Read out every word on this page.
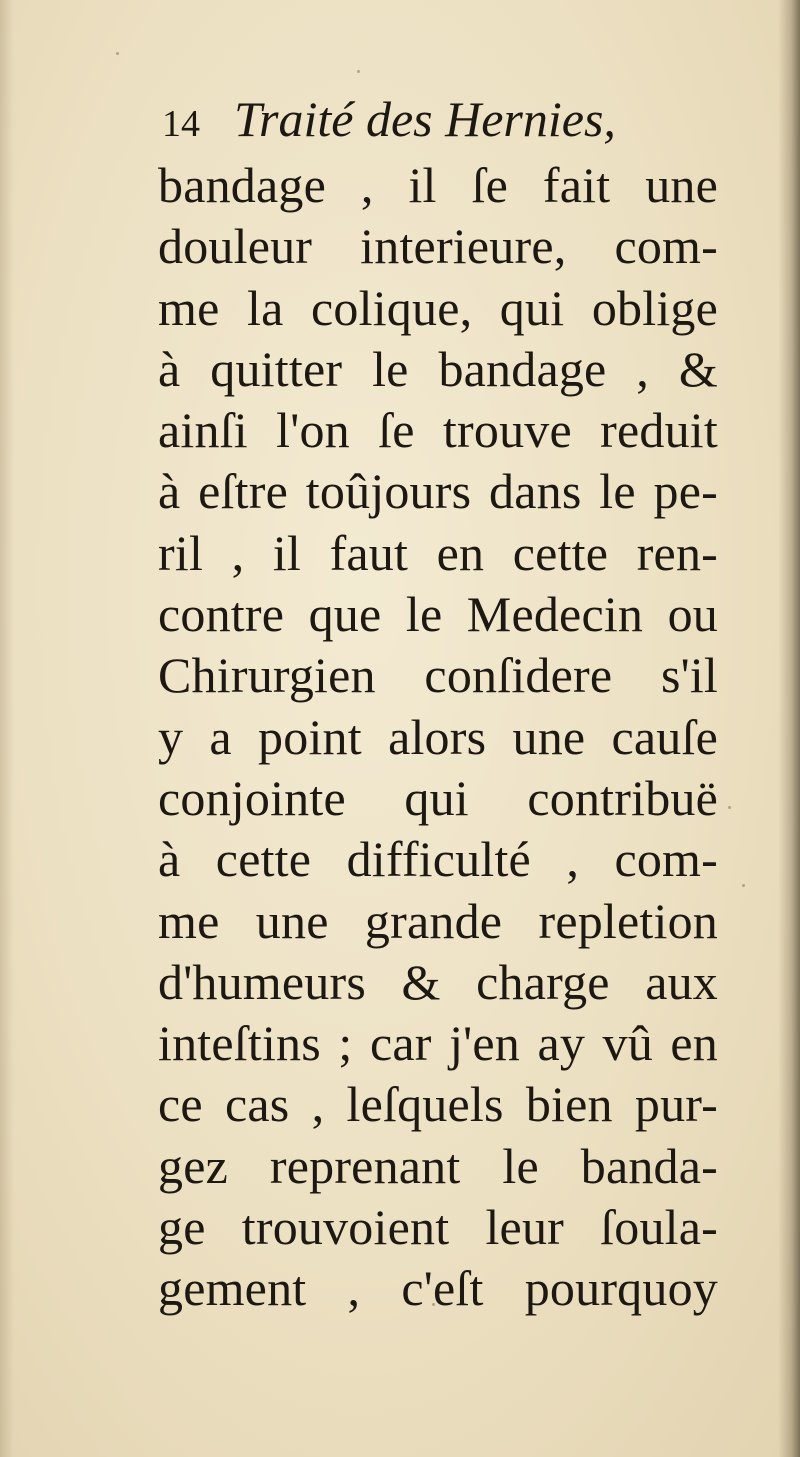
14 Traité des Hernies,
bandage , il ſe fait une
douleur interieure, com-
me la colique, qui oblige
à quitter le bandage , &
ainſi l'on ſe trouve reduit
à eſtre toûjours dans le pe-
ril , il faut en cette ren-
contre que le Medecin ou
Chirurgien conſidere s'il
y a point alors une cauſe
conjointe qui contribuë
à cette difficulté , com-
me une grande repletion
d'humeurs & charge aux
inteſtins ; car j'en ay vû en
ce cas , leſquels bien pur-
gez reprenant le banda-
ge trouvoient leur ſoula-
gement , c'eſt pourquoy
